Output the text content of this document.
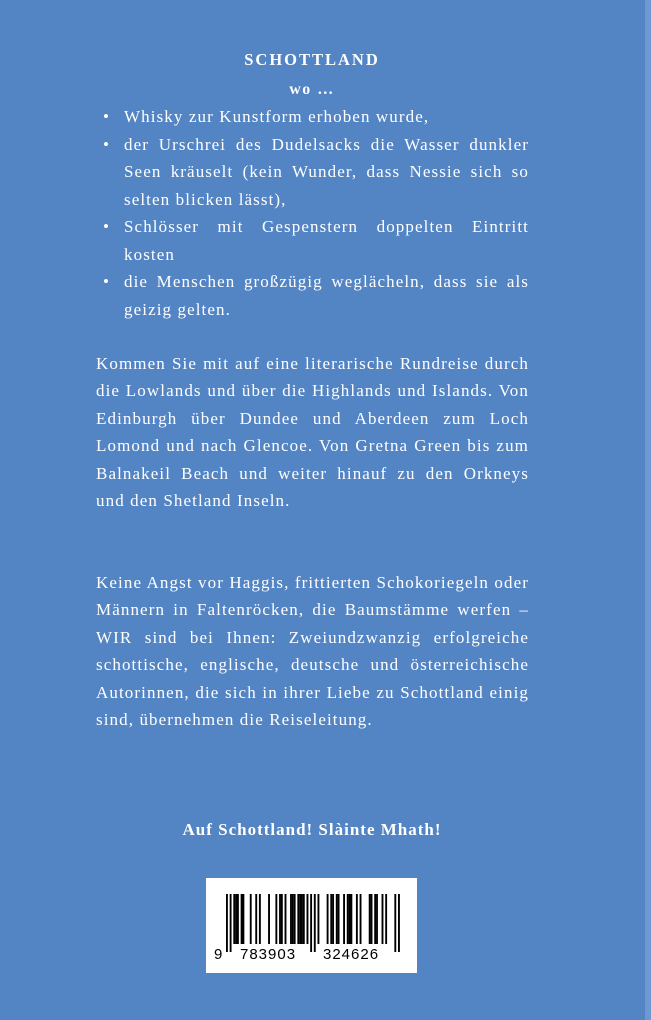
SCHOTTLAND
wo …
• Whisky zur Kunstform erhoben wurde,
• der Urschrei des Dudelsacks die Wasser dunkler Seen kräuselt (kein Wunder, dass Nessie sich so selten blicken lässt),
• Schlösser mit Gespenstern doppelten Eintritt kosten
• die Menschen großzügig weglächeln, dass sie als geizig gelten.

Kommen Sie mit auf eine literarische Rundreise durch die Lowlands und über die Highlands und Islands. Von Edinburgh über Dundee und Aberdeen zum Loch Lomond und nach Glencoe. Von Gretna Green bis zum Balnakeil Beach und weiter hinauf zu den Orkneys und den Shetland Inseln.

Keine Angst vor Haggis, frittierten Schokoriegeln oder Männern in Faltenröcken, die Baumstämme werfen – WIR sind bei Ihnen: Zweiundzwanzig erfolgreiche schottische, englische, deutsche und österreichische Autorinnen, die sich in ihrer Liebe zu Schottland einig sind, übernehmen die Reiseleitung.

Auf Schottland! Slàinte Mhath!
9 783903 324626
